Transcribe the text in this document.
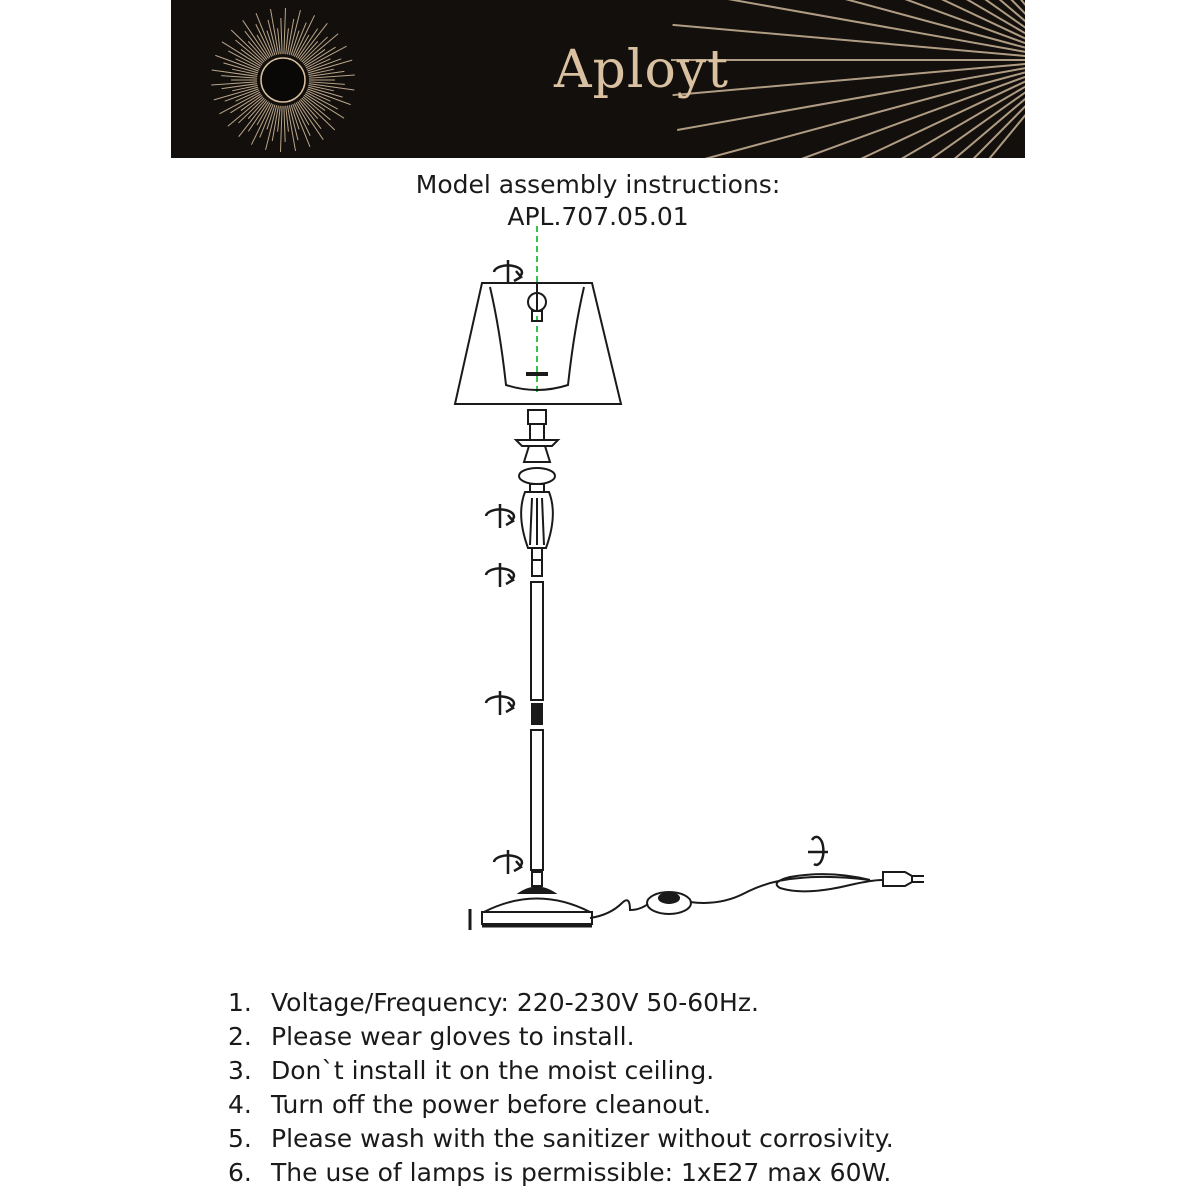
Aployt
Model assembly instructions:
APL.707.05.01
1. Voltage/Frequency: 220-230V 50-60Hz.
2. Please wear gloves to install.
3. Don`t install it on the moist ceiling.
4. Turn off the power before cleanout.
5. Please wash with the sanitizer without corrosivity.
6. The use of lamps is permissible: 1xE27 max 60W.
